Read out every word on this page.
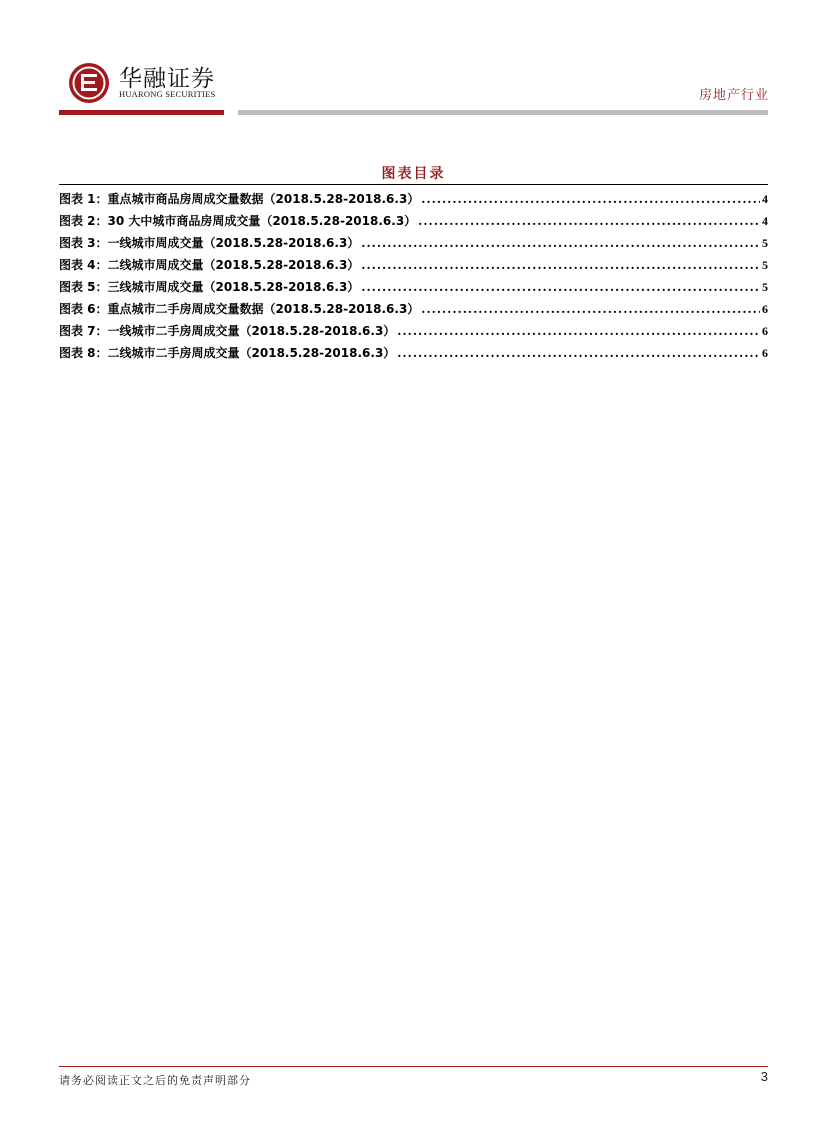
华融证券
HUARONG SECURITIES	房地产行业
图表目录
图表 1：重点城市商品房周成交量数据（2018.5.28-2018.6.3） .....	4
图表 2：30 大中城市商品房周成交量（2018.5.28-2018.6.3） .....	4
图表 3：一线城市周成交量（2018.5.28-2018.6.3） .....	5
图表 4：二线城市周成交量（2018.5.28-2018.6.3） .....	5
图表 5：三线城市周成交量（2018.5.28-2018.6.3） .....	5
图表 6：重点城市二手房周成交量数据（2018.5.28-2018.6.3） .....	6
图表 7：一线城市二手房周成交量（2018.5.28-2018.6.3） .....	6
图表 8：二线城市二手房周成交量（2018.5.28-2018.6.3） .....	6
请务必阅读正文之后的免责声明部分	3
